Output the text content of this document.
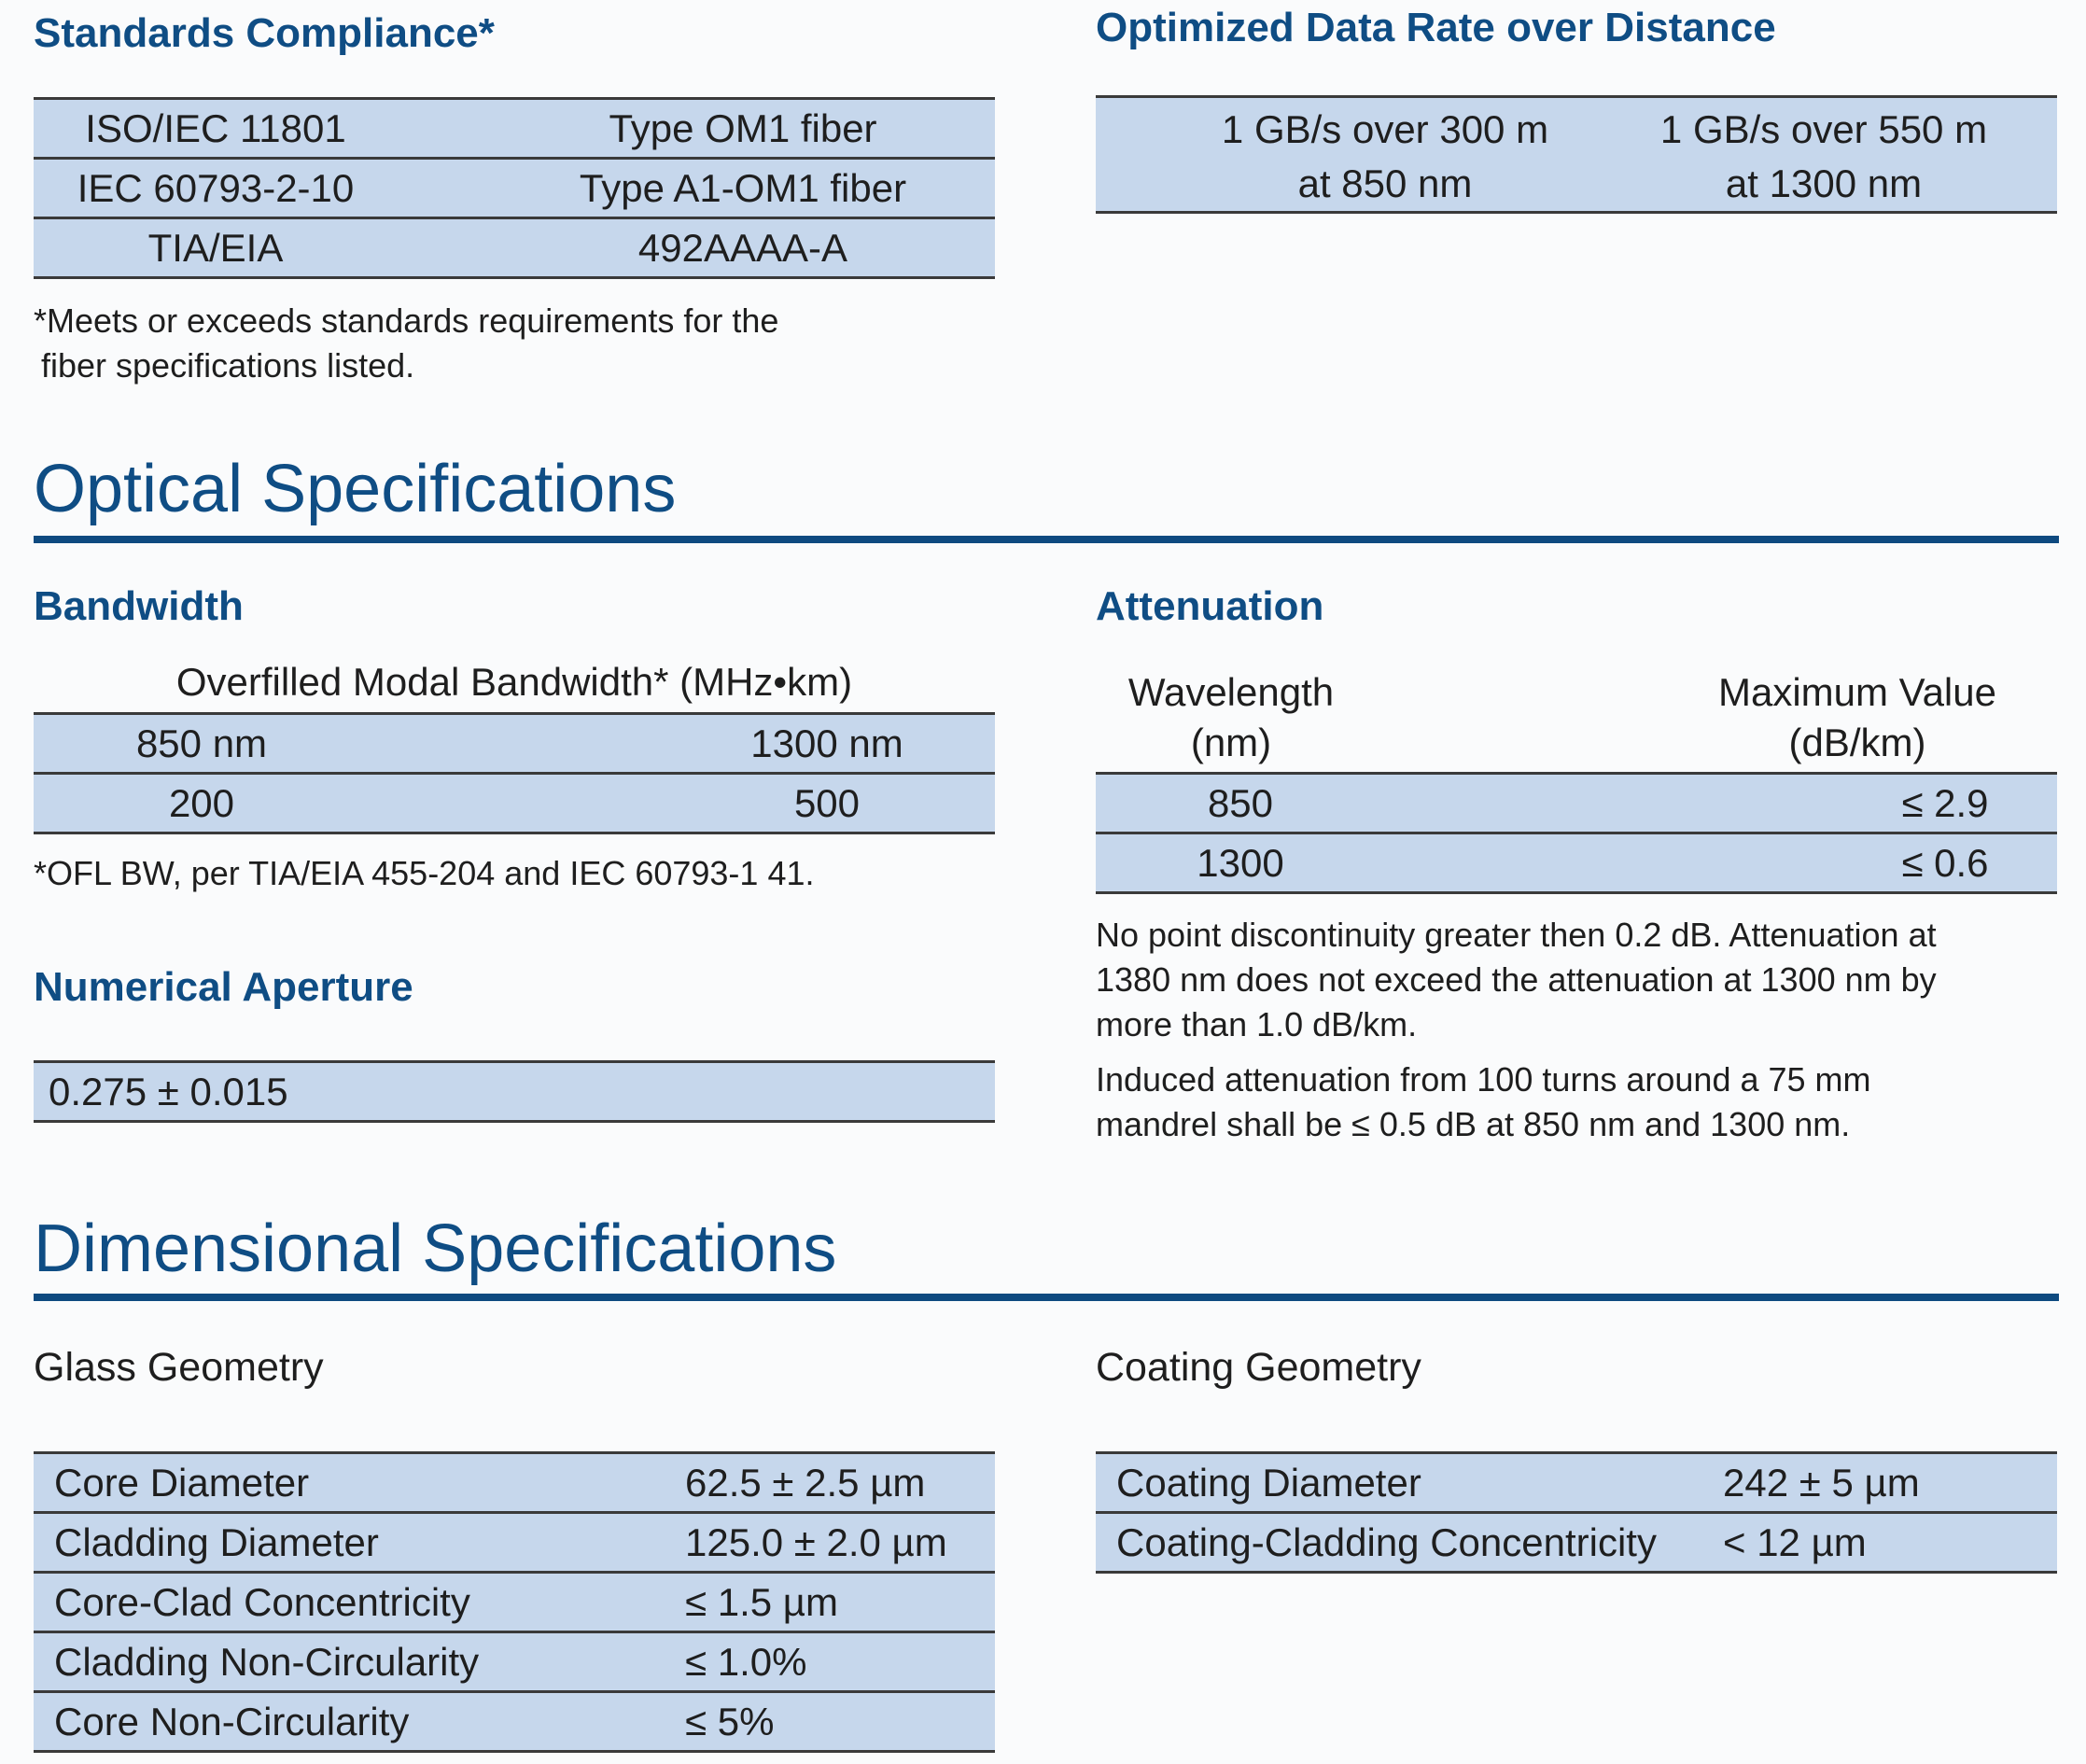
Standards Compliance*
ISO/IEC 11801	Type OM1 fiber
IEC 60793-2-10	Type A1-OM1 fiber
TIA/EIA	492AAAA-A
*Meets or exceeds standards requirements for the
fiber specifications listed.
Optimized Data Rate over Distance
1 GB/s over 300 m
at 850 nm
1 GB/s over 550 m
at 1300 nm
Optical Specifications
Bandwidth
Overfilled Modal Bandwidth* (MHz•km)
850 nm	1300 nm
200	500
*OFL BW, per TIA/EIA 455-204 and IEC 60793-1 41.
Numerical Aperture
0.275 ± 0.015
Attenuation
Wavelength
(nm)
Maximum Value
(dB/km)
850	≤ 2.9
1300	≤ 0.6
No point discontinuity greater then 0.2 dB. Attenuation at
1380 nm does not exceed the attenuation at 1300 nm by
more than 1.0 dB/km.
Induced attenuation from 100 turns around a 75 mm
mandrel shall be ≤ 0.5 dB at 850 nm and 1300 nm.
Dimensional Specifications
Glass Geometry
Core Diameter	62.5 ± 2.5 µm
Cladding Diameter	125.0 ± 2.0 µm
Core-Clad Concentricity	≤ 1.5 µm
Cladding Non-Circularity	≤ 1.0%
Core Non-Circularity	≤ 5%
Coating Geometry
Coating Diameter	242 ± 5 µm
Coating-Cladding Concentricity < 12 µm
